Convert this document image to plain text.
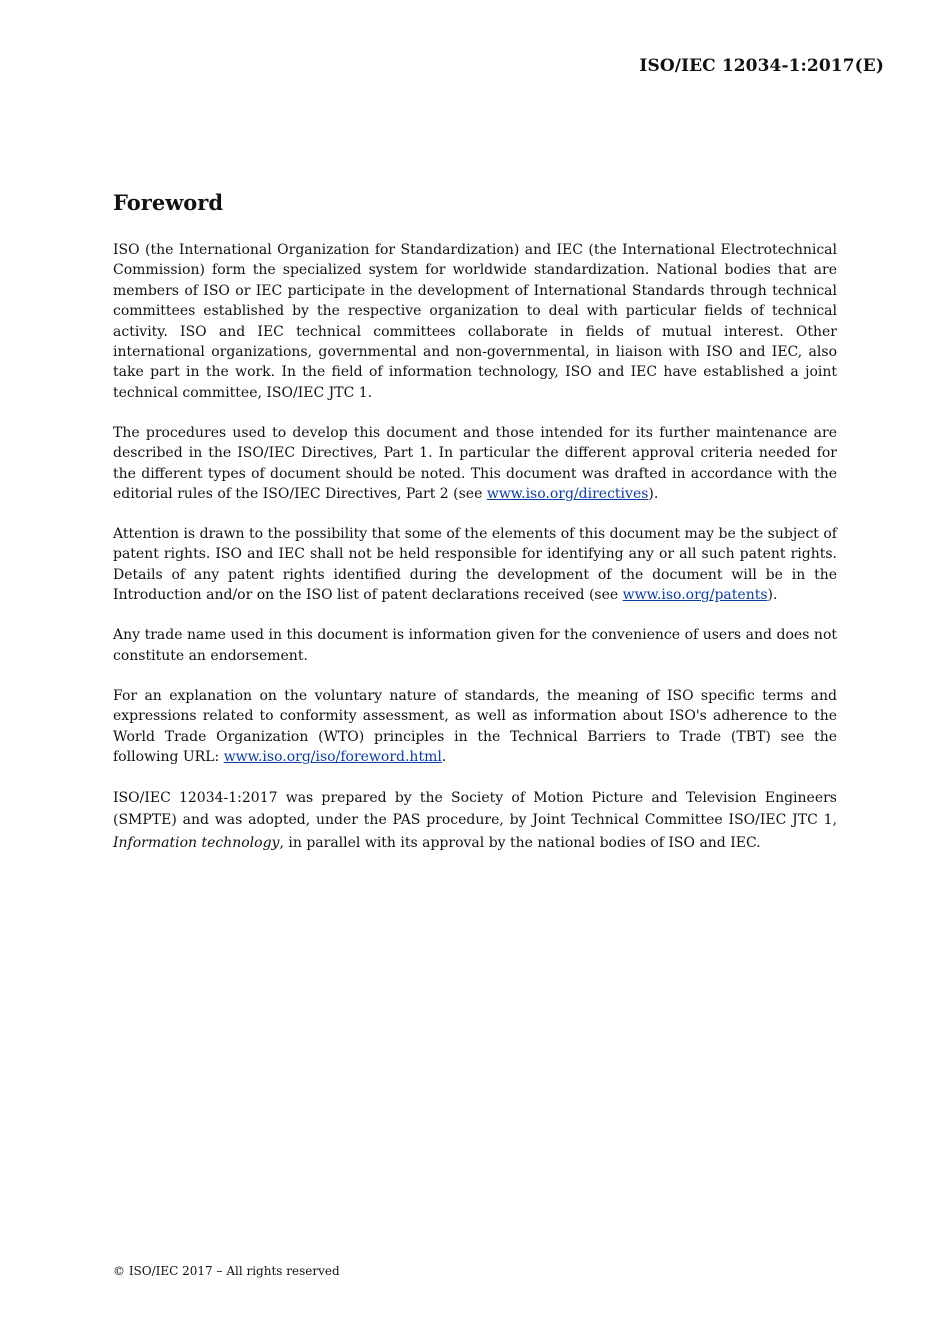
ISO/IEC 12034-1:2017(E)
Foreword

ISO (the International Organization for Standardization) and IEC (the International Electrotechnical Commission) form the specialized system for worldwide standardization. National bodies that are members of ISO or IEC participate in the development of International Standards through technical committees established by the respective organization to deal with particular fields of technical activity. ISO and IEC technical committees collaborate in fields of mutual interest. Other international organizations, governmental and non-governmental, in liaison with ISO and IEC, also take part in the work. In the field of information technology, ISO and IEC have established a joint technical committee, ISO/IEC JTC 1.

The procedures used to develop this document and those intended for its further maintenance are described in the ISO/IEC Directives, Part 1. In particular the different approval criteria needed for the different types of document should be noted. This document was drafted in accordance with the editorial rules of the ISO/IEC Directives, Part 2 (see www.iso.org/directives).

Attention is drawn to the possibility that some of the elements of this document may be the subject of patent rights. ISO and IEC shall not be held responsible for identifying any or all such patent rights. Details of any patent rights identified during the development of the document will be in the Introduction and/or on the ISO list of patent declarations received (see www.iso.org/patents).

Any trade name used in this document is information given for the convenience of users and does not constitute an endorsement.

For an explanation on the voluntary nature of standards, the meaning of ISO specific terms and expressions related to conformity assessment, as well as information about ISO's adherence to the World Trade Organization (WTO) principles in the Technical Barriers to Trade (TBT) see the following URL: www.iso.org/iso/foreword.html.

ISO/IEC 12034-1:2017 was prepared by the Society of Motion Picture and Television Engineers (SMPTE) and was adopted, under the PAS procedure, by Joint Technical Committee ISO/IEC JTC 1, Information technology, in parallel with its approval by the national bodies of ISO and IEC.

© ISO/IEC 2017 – All rights reserved
